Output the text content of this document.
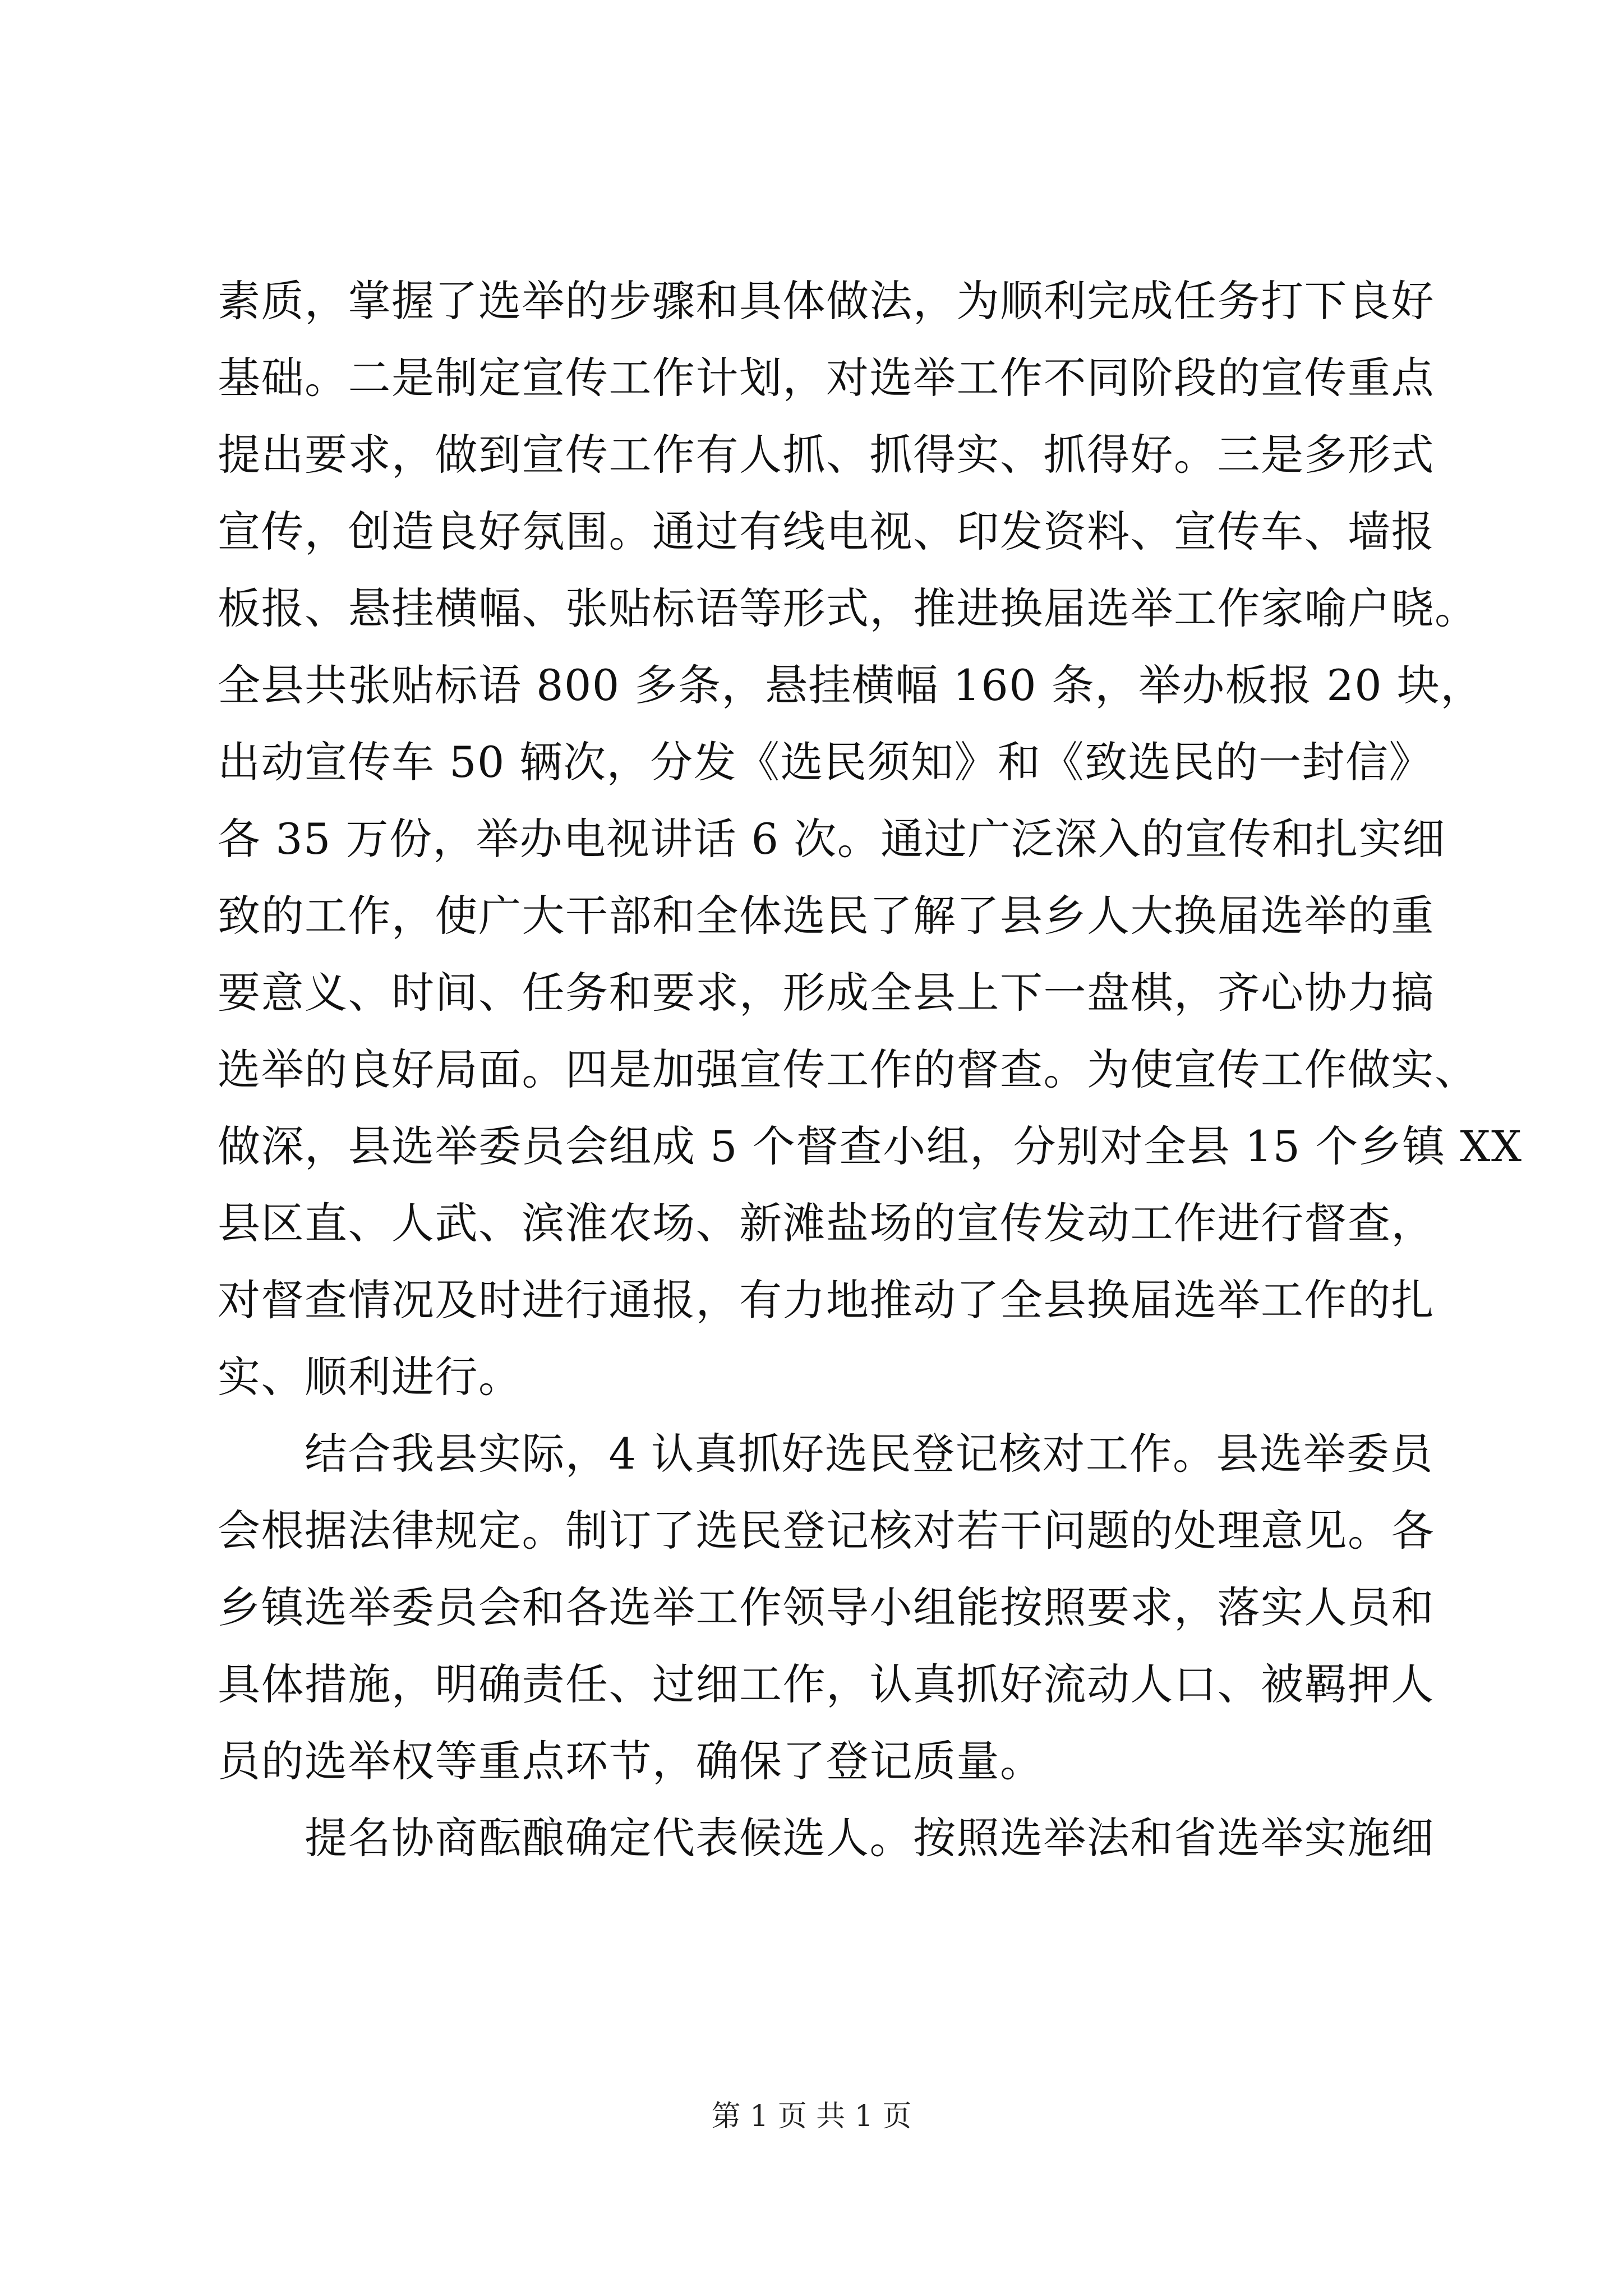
素质，掌握了选举的步骤和具体做法，为顺利完成任务打下良好
基础。二是制定宣传工作计划，对选举工作不同阶段的宣传重点
提出要求，做到宣传工作有人抓、抓得实、抓得好。三是多形式
宣传，创造良好氛围。通过有线电视、印发资料、宣传车、墙报
板报、悬挂横幅、张贴标语等形式，推进换届选举工作家喻户晓。
全县共张贴标语 800 多条，悬挂横幅 160 条，举办板报 20 块，
出动宣传车 50 辆次，分发《选民须知》和《致选民的一封信》
各 35 万份，举办电视讲话 6 次。通过广泛深入的宣传和扎实细
致的工作，使广大干部和全体选民了解了县乡人大换届选举的重
要意义、时间、任务和要求，形成全县上下一盘棋，齐心协力搞
选举的良好局面。四是加强宣传工作的督查。为使宣传工作做实、
做深，县选举委员会组成 5 个督查小组，分别对全县 15 个乡镇 XX
县区直、人武、滨淮农场、新滩盐场的宣传发动工作进行督查，
对督查情况及时进行通报，有力地推动了全县换届选举工作的扎
实、顺利进行。
结合我县实际，4 认真抓好选民登记核对工作。县选举委员
会根据法律规定。制订了选民登记核对若干问题的处理意见。各
乡镇选举委员会和各选举工作领导小组能按照要求，落实人员和
具体措施，明确责任、过细工作，认真抓好流动人口、被羁押人
员的选举权等重点环节，确保了登记质量。
提名协商酝酿确定代表候选人。按照选举法和省选举实施细
第 1 页 共 1 页
